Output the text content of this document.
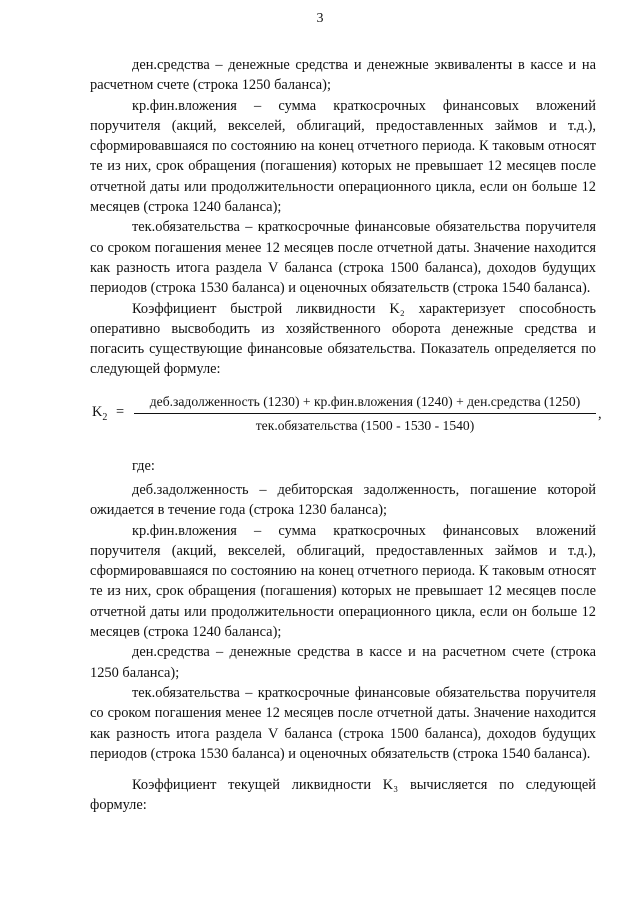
3

ден.средства – денежные средства и денежные эквиваленты в кассе и на расчетном счете (строка 1250 баланса);

кр.фин.вложения – сумма краткосрочных финансовых вложений поручителя (акций, векселей, облигаций, предоставленных займов и т.д.), сформировавшаяся по состоянию на конец отчетного периода. К таковым относят те из них, срок обращения (погашения) которых не превышает 12 месяцев после отчетной даты или продолжительности операционного цикла, если он больше 12 месяцев (строка 1240 баланса);

тек.обязательства – краткосрочные финансовые обязательства поручителя со сроком погашения менее 12 месяцев после отчетной даты. Значение находится как разность итога раздела V баланса (строка 1500 баланса), доходов будущих периодов (строка 1530 баланса) и оценочных обязательств (строка 1540 баланса).

Коэффициент быстрой ликвидности K₂ характеризует способность оперативно высвободить из хозяйственного оборота денежные средства и погасить существующие финансовые обязательства. Показатель определяется по следующей формуле:

$K_2$ =
деб.задолженность (1230) + кр.фин.вложения (1240) + ден.средства (1250)
тек.обязательства (1500 - 1530 - 1540)
,
где:

деб.задолженность – дебиторская задолженность, погашение которой ожидается в течение года (строка 1230 баланса);

кр.фин.вложения – сумма краткосрочных финансовых вложений поручителя (акций, векселей, облигаций, предоставленных займов и т.д.), сформировавшаяся по состоянию на конец отчетного периода. К таковым относят те из них, срок обращения (погашения) которых не превышает 12 месяцев после отчетной даты или продолжительности операционного цикла, если он больше 12 месяцев (строка 1240 баланса);

ден.средства – денежные средства в кассе и на расчетном счете (строка 1250 баланса);

тек.обязательства – краткосрочные финансовые обязательства поручителя со сроком погашения менее 12 месяцев после отчетной даты. Значение находится как разность итога раздела V баланса (строка 1500 баланса), доходов будущих периодов (строка 1530 баланса) и оценочных обязательств (строка 1540 баланса).

Коэффициент текущей ликвидности K₃ вычисляется по следующей формуле:
